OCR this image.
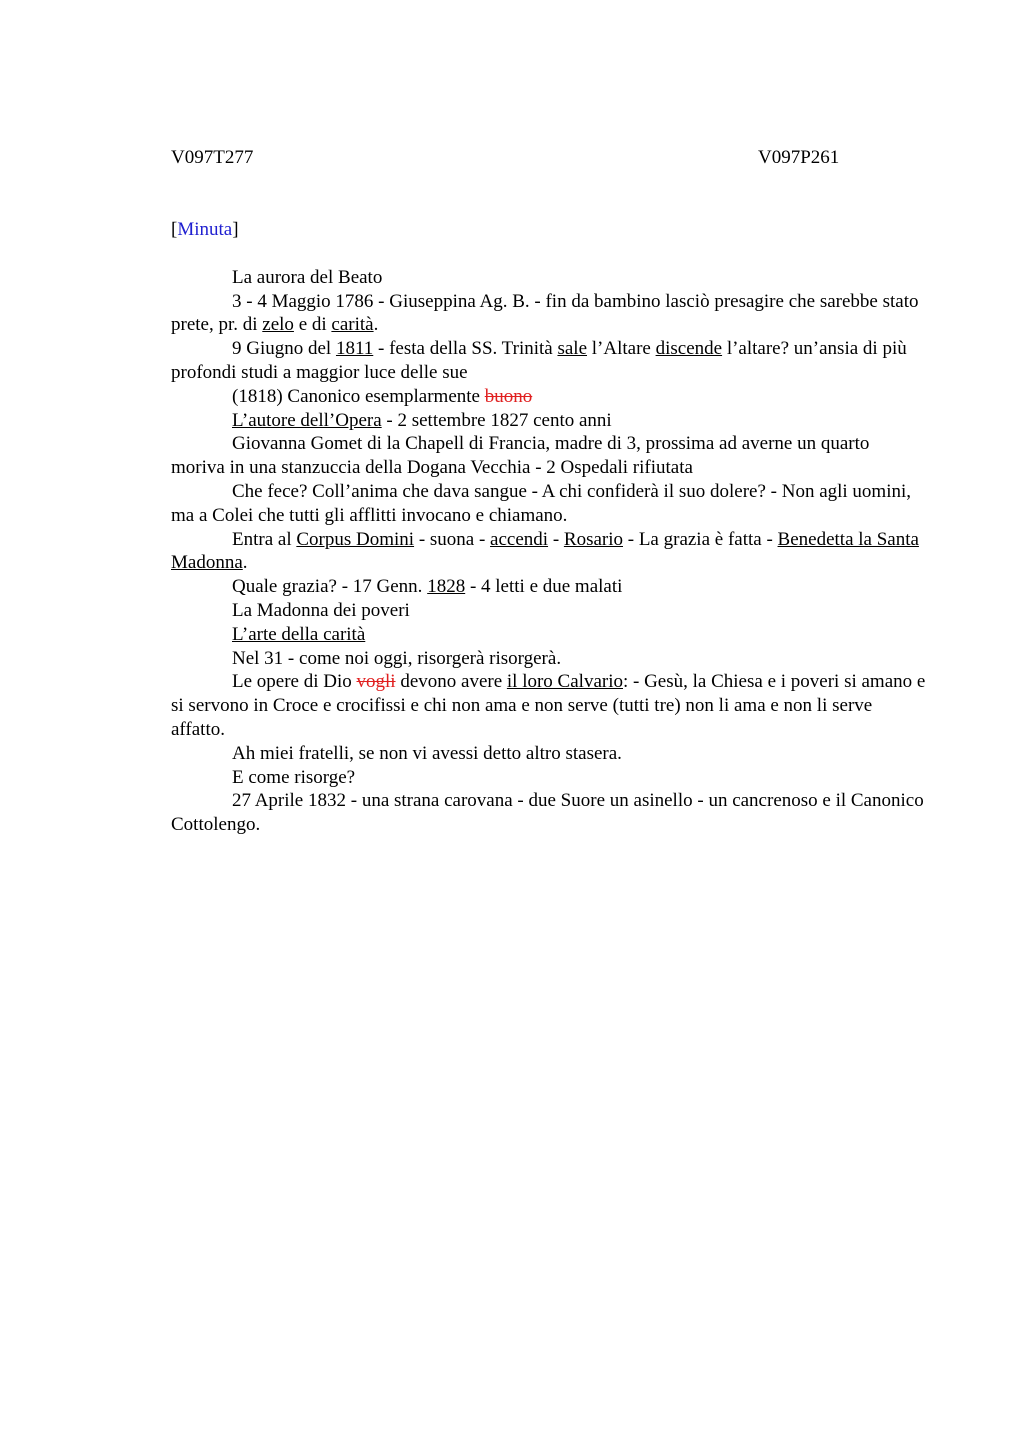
V097T277	V097P261
[Minuta]

La aurora del Beato

3 - 4 Maggio 1786 - Giuseppina Ag. B. - fin da bambino lasciò presagire che sarebbe stato prete, pr. di zelo e di carità.

9 Giugno del 1811 - festa della SS. Trinità sale l’Altare discende l’altare? un’ansia di più profondi studi a maggior luce delle sue

(1818) Canonico esemplarmente buono

L’autore dell’Opera - 2 settembre 1827 cento anni

Giovanna Gomet di la Chapell di Francia, madre di 3, prossima ad averne un quarto moriva in una stanzuccia della Dogana Vecchia - 2 Ospedali rifiutata

Che fece? Coll’anima che dava sangue - A chi confiderà il suo dolere? - Non agli uomini, ma a Colei che tutti gli afflitti invocano e chiamano.

Entra al Corpus Domini - suona - accendi - Rosario - La grazia è fatta - Benedetta la Santa Madonna.

Quale grazia? - 17 Genn. 1828 - 4 letti e due malati

La Madonna dei poveri

L’arte della carità

Nel 31 - come noi oggi, risorgerà risorgerà.

Le opere di Dio vogli devono avere il loro Calvario: - Gesù, la Chiesa e i poveri si amano e si servono in Croce e crocifissi e chi non ama e non serve (tutti tre) non li ama e non li serve affatto.

Ah miei fratelli, se non vi avessi detto altro stasera.

E come risorge?

27 Aprile 1832 - una strana carovana - due Suore un asinello - un cancrenoso e il Canonico Cottolengo.
